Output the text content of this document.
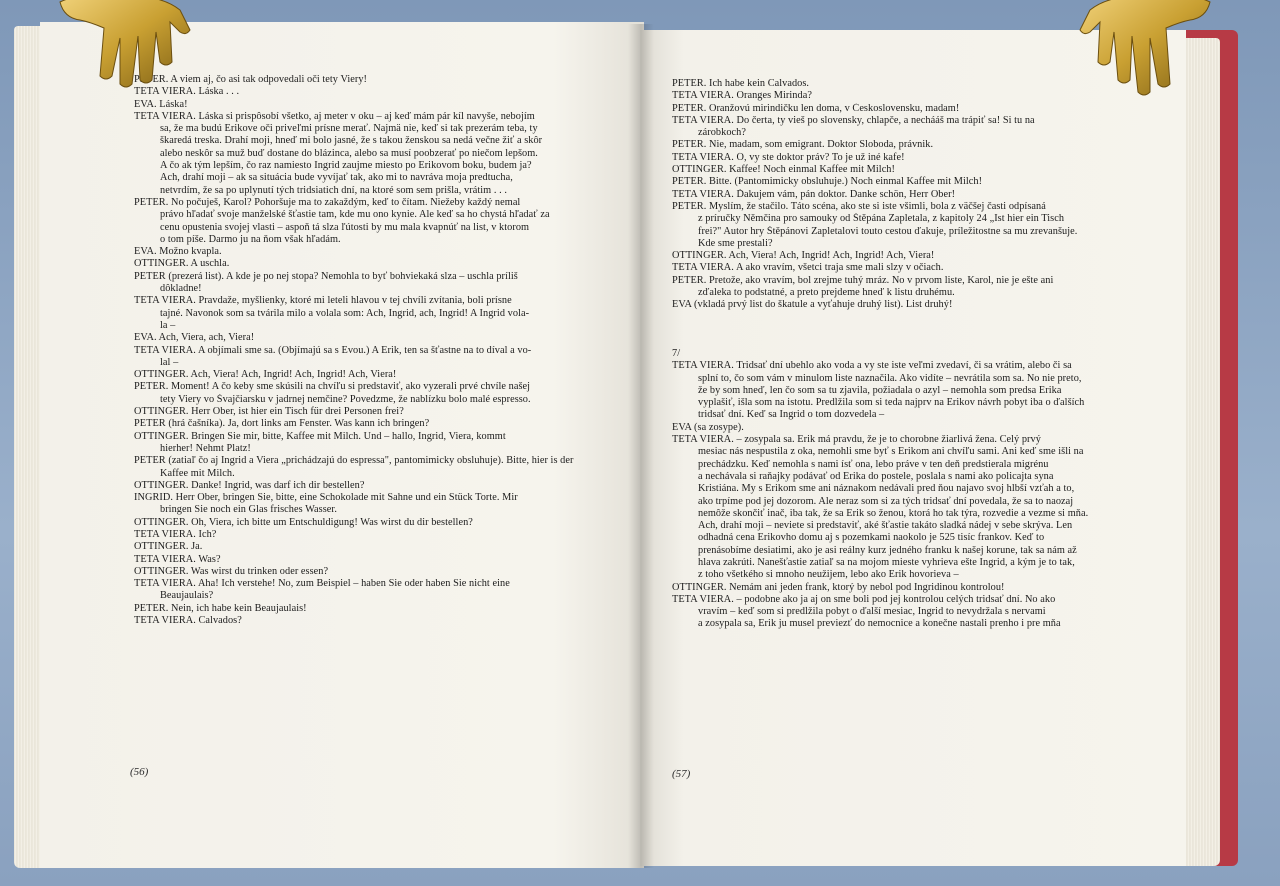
PETER. A viem aj, čo asi tak odpovedali oči tety Viery!
TETA VIERA. Láska . . .
EVA. Láska!
TETA VIERA. Láska si prispôsobí všetko, aj meter v oku – aj keď mám pár kíl navyše, nebojím
sa, že ma budú Erikove oči priveľmi prísne merať. Najmä nie, keď si tak prezerám teba, ty
škaredá treska. Drahí moji, hneď mi bolo jasné, že s takou ženskou sa nedá večne žiť a skôr
alebo neskôr sa muž buď dostane do blázinca, alebo sa musí poobzerať po niečom lepšom.
A čo ak tým lepším, čo raz namiesto Ingrid zaujme miesto po Erikovom boku, budem ja?
Ach, drahí moji – ak sa situácia bude vyvíjať tak, ako mi to navráva moja predtucha,
netvrdím, že sa po uplynutí tých tridsiatich dní, na ktoré som sem prišla, vrátim . . .
PETER. No počuješ, Karol? Pohoršuje ma to zakaždým, keď to čítam. Niežeby každý nemal
právo hľadať svoje manželské šťastie tam, kde mu ono kynie. Ale keď sa ho chystá hľadať za
cenu opustenia svojej vlasti – aspoň tá slza ľútosti by mu mala kvapnúť na list, v ktorom
o tom píše. Darmo ju na ňom však hľadám.
EVA. Možno kvapla.
OTTINGER. A uschla.
PETER (prezerá list). A kde je po nej stopa? Nemohla to byť bohviekaká slza – uschla príliš
dôkladne!
TETA VIERA. Pravdaže, myšlienky, ktoré mi leteli hlavou v tej chvíli zvítania, boli prísne
tajné. Navonok som sa tvárila milo a volala som: Ach, Ingrid, ach, Ingrid! A Ingrid vola-
la –
EVA. Ach, Viera, ach, Viera!
TETA VIERA. A objímali sme sa. (Objímajú sa s Evou.) A Erik, ten sa šťastne na to díval a vo-
lal –
OTTINGER. Ach, Viera! Ach, Ingrid! Ach, Ingrid! Ach, Viera!
PETER. Moment! A čo keby sme skúsili na chvíľu si predstaviť, ako vyzerali prvé chvíle našej
tety Viery vo Švajčiarsku v jadrnej nemčine? Povedzme, že nablízku bolo malé espresso.
OTTINGER. Herr Ober, ist hier ein Tisch für drei Personen frei?
PETER (hrá čašníka). Ja, dort links am Fenster. Was kann ich bringen?
OTTINGER. Bringen Sie mir, bitte, Kaffee mit Milch. Und – hallo, Ingrid, Viera, kommt
hierher! Nehmt Platz!
PETER (zatiaľ čo aj Ingrid a Viera „prichádzajú do espressa", pantomimicky obsluhuje). Bitte, hier is der
Kaffee mit Milch.
OTTINGER. Danke! Ingrid, was darf ich dir bestellen?
INGRID. Herr Ober, bringen Sie, bitte, eine Schokolade mit Sahne und ein Stück Torte. Mir
bringen Sie noch ein Glas frisches Wasser.
OTTINGER. Oh, Viera, ich bitte um Entschuldigung! Was wirst du dir bestellen?
TETA VIERA. Ich?
OTTINGER. Ja.
TETA VIERA. Was?
OTTINGER. Was wirst du trinken oder essen?
TETA VIERA. Aha! Ich verstehe! No, zum Beispiel – haben Sie oder haben Sie nicht eine
Beaujaulais?
PETER. Nein, ich habe kein Beaujaulais!
TETA VIERA. Calvados?
(56)
PETER. Ich habe kein Calvados.
TETA VIERA. Oranges Mirinda?
PETER. Oranžovú mirindičku len doma, v Československu, madam!
TETA VIERA. Do čerta, ty vieš po slovensky, chlapče, a nechááš ma trápiť sa! Si tu na
zárobkoch?
PETER. Nie, madam, som emigrant. Doktor Sloboda, právnik.
TETA VIERA. Ó, vy ste doktor práv? To je už iné kafe!
OTTINGER. Kaffee! Noch einmal Kaffee mit Milch!
PETER. Bitte. (Pantomimicky obsluhuje.) Noch einmal Kaffee mit Milch!
TETA VIERA. Ďakujem vám, pán doktor. Danke schön, Herr Ober!
PETER. Myslím, že stačilo. Táto scéna, ako ste si iste všimli, bola z väčšej časti odpísaná
z príručky Němčina pro samouky od Štěpána Zapletala, z kapitoly 24 „Ist hier ein Tisch
frei?" Autor hry Štěpánovi Zapletalovi touto cestou ďakuje, príležitostne sa mu zrevanšuje.
Kde sme prestali?
OTTINGER. Ach, Viera! Ach, Ingrid! Ach, Ingrid! Ach, Viera!
TETA VIERA. A ako vravím, všetci traja sme mali slzy v očiach.
PETER. Pretože, ako vravím, bol zrejme tuhý mráz. No v prvom liste, Karol, nie je ešte ani
zďaleka to podstatné, a preto prejdeme hneď k listu druhému.
EVA (vkladá prvý list do škatule a vyťahuje druhý list). List druhý!
7/
TETA VIERA. Tridsať dní ubehlo ako voda a vy ste iste veľmi zvedaví, či sa vrátim, alebo či sa
splní to, čo som vám v minulom liste naznačila. Ako vidíte – nevrátila som sa. No nie preto,
že by som hneď, len čo som sa tu zjavila, požiadala o azyl – nemohla som predsa Erika
vyplašiť, išla som na istotu. Predĺžila som si teda najprv na Erikov návrh pobyt iba o ďalších
tridsať dní. Keď sa Ingrid o tom dozvedela –
EVA (sa zosype).
TETA VIERA. – zosypala sa. Erik má pravdu, že je to chorobne žiarlivá žena. Celý prvý
mesiac nás nespustila z oka, nemohli sme byť s Erikom ani chvíľu sami. Ani keď sme išli na
prechádzku. Keď nemohla s nami ísť ona, lebo práve v ten deň predstierala migrénu
a nechávala si raňajky podávať od Erika do postele, poslala s nami ako policajta syna
Kristiána. My s Erikom sme ani náznakom nedávali pred ňou najavo svoj hlbší vzťah a to,
ako trpíme pod jej dozorom. Ale neraz som si za tých tridsať dní povedala, že sa to naozaj
nemôže skončiť inač, iba tak, že sa Erik so ženou, ktorá ho tak týra, rozvedie a vezme si mňa.
Ach, drahí moji – neviete si predstaviť, aké šťastie takáto sladká nádej v sebe skrýva. Len
odhadná cena Erikovho domu aj s pozemkami naokolo je 525 tisíc frankov. Keď to
prenásobíme desiatimi, ako je asi reálny kurz jedného franku k našej korune, tak sa nám až
hlava zakrúti. Nanešťastie zatiaľ sa na mojom mieste vyhrieva ešte Ingrid, a kým je to tak,
z toho všetkého si mnoho neužijem, lebo ako Erik hovorieva –
OTTINGER. Nemám ani jeden frank, ktorý by nebol pod Ingridinou kontrolou!
TETA VIERA. – podobne ako ja aj on sme boli pod jej kontrolou celých tridsať dní. No ako
vravím – keď som si predĺžila pobyt o ďalší mesiac, Ingrid to nevydržala s nervami
a zosypala sa, Erik ju musel previezť do nemocnice a konečne nastali prenho i pre mňa
(57)
